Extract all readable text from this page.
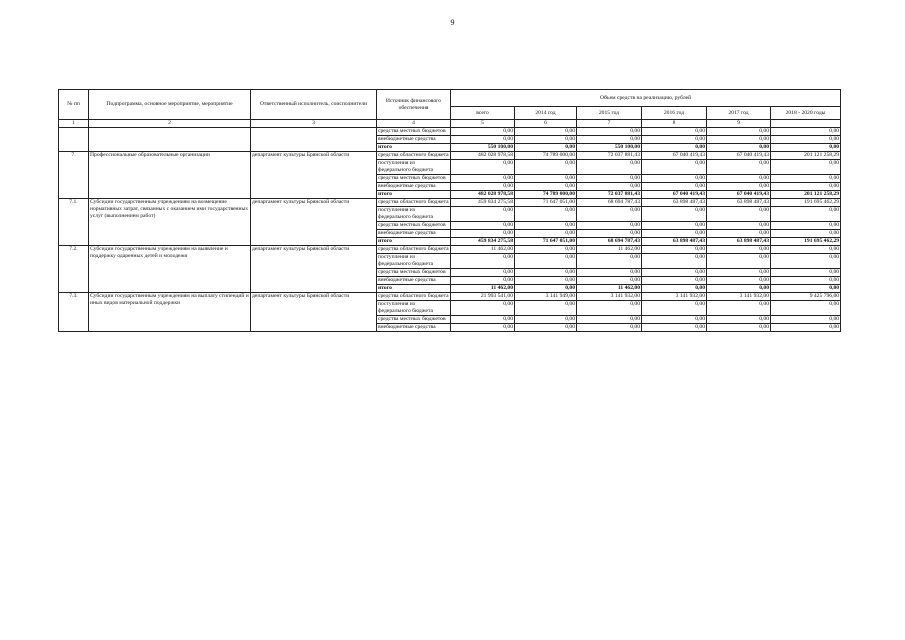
9
№ пп	Подпрограмма, основное мероприятие, мероприятие	Ответственный исполнитель, соисполнители	Источник финансового обеспечения	Объем средств на реализацию, рублей					
				всего	2014 год	2015 год	2016 год	2017 год	2018 - 2020 годы
1	2	3	4	5	6	7	8	9	
			средства местных бюджетов	0,00	0,00	0,00	0,00	0,00	0,00
			внебюджетные средства	0,00	0,00	0,00	0,00	0,00	0,00
			итого	550 100,00	0,00	550 100,00	0,00	0,00	0,00
7.	Профессиональные образовательные организации	департамент культуры Брянской области	средства областного бюджета	482 028 978,58	74 789 000,00	72 037 881,43	67 040 419,43	67 040 419,43	201 121 258,29
			поступления из федерального бюджета	0,00	0,00	0,00	0,00	0,00	0,00
			средства местных бюджетов	0,00	0,00	0,00	0,00	0,00	0,00
			внебюджетные средства	0,00	0,00	0,00	0,00	0,00	0,00
			итого	482 028 978,58	74 789 000,00	72 037 881,43	67 040 419,43	67 040 419,43	201 121 258,29
7.1.	Субсидии государственным учреждениям на возмещение нормативных затрат, связанных с оказанием ими государственных услуг (выполнением работ)	департамент культуры Брянской области	средства областного бюджета	459 834 275,58	71 647 051,00	68 694 787,43	63 898 487,43	63 898 487,43	191 695 462,29
			поступления из федерального бюджета	0,00	0,00	0,00	0,00	0,00	0,00
			средства местных бюджетов	0,00	0,00	0,00	0,00	0,00	0,00
			внебюджетные средства	0,00	0,00	0,00	0,00	0,00	0,00
			итого	459 834 275,58	71 647 051,00	68 694 787,43	63 898 487,43	63 898 487,43	191 695 462,29
7.2.	Субсидии государственным учреждениям на выявление и поддержку одаренных детей и молодежи	департамент культуры Брянской области	средства областного бюджета	11 462,00	0,00	11 462,00	0,00	0,00	0,00
			поступления из федерального бюджета	0,00	0,00	0,00	0,00	0,00	0,00
			средства местных бюджетов	0,00	0,00	0,00	0,00	0,00	0,00
			внебюджетные средства	0,00	0,00	0,00	0,00	0,00	0,00
			итого	11 462,00	0,00	11 462,00	0,00	0,00	0,00
7.3.	Субсидии государственным учреждениям на выплату стипендий и иных видов материальной поддержки	департамент культуры Брянской области	средства областного бюджета	21 993 541,00	3 141 949,00	3 141 932,00	3 141 932,00	3 141 932,00	9 425 796,00
			поступления из федерального бюджета	0,00	0,00	0,00	0,00	0,00	0,00
			средства местных бюджетов	0,00	0,00	0,00	0,00	0,00	0,00
			внебюджетные средства	0,00	0,00	0,00	0,00	0,00	0,00
